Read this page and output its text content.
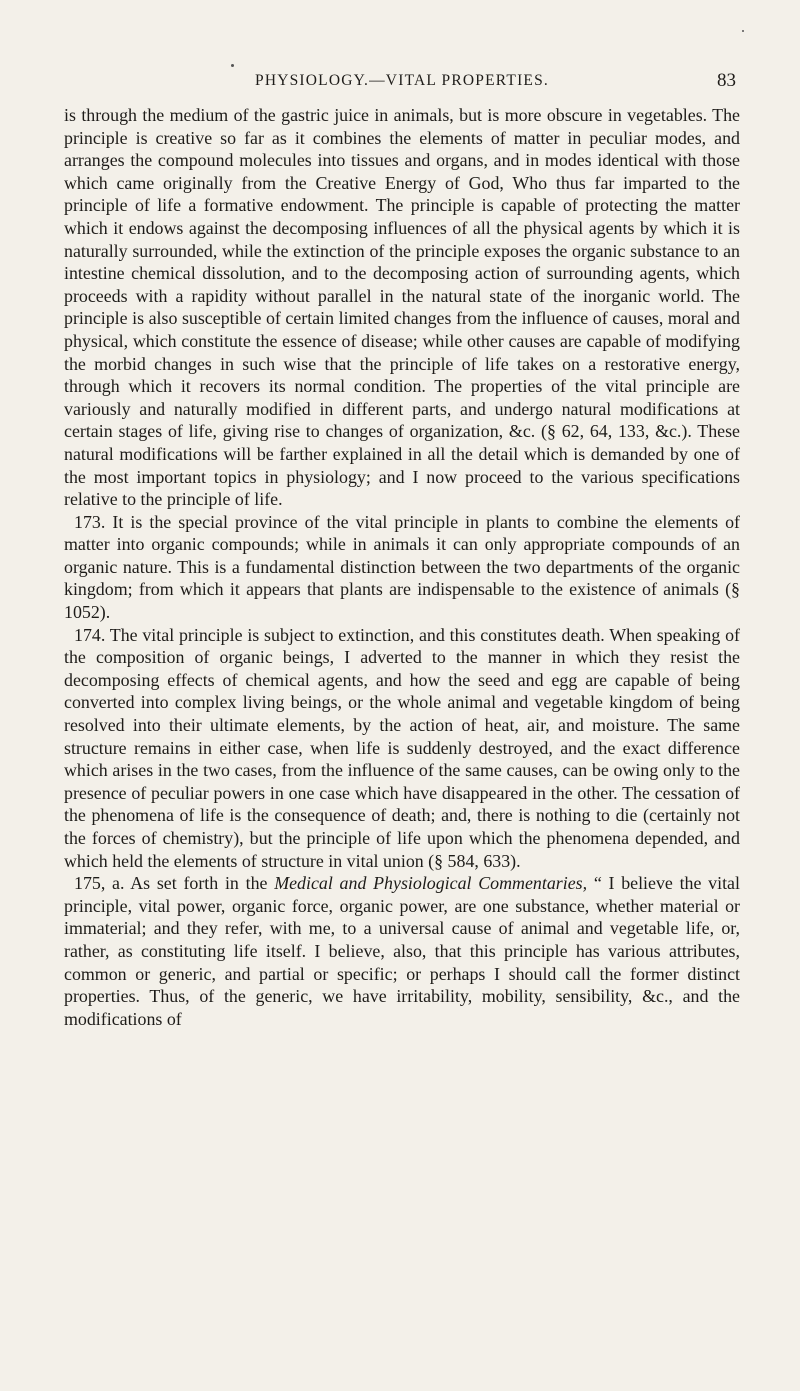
PHYSIOLOGY.—VITAL PROPERTIES.	83

is through the medium of the gastric juice in animals, but is more obscure in vegetables. The principle is creative so far as it combines the elements of matter in peculiar modes, and arranges the compound molecules into tissues and organs, and in modes identical with those which came originally from the Creative Energy of God, Who thus far imparted to the principle of life a formative endowment. The principle is capable of protecting the matter which it endows against the decomposing influences of all the physical agents by which it is naturally surrounded, while the extinction of the principle exposes the organic substance to an intestine chemical dissolution, and to the decomposing action of surrounding agents, which proceeds with a rapidity without parallel in the natural state of the inorganic world. The principle is also susceptible of certain limited changes from the influence of causes, moral and physical, which constitute the essence of disease; while other causes are capable of modifying the morbid changes in such wise that the principle of life takes on a restorative energy, through which it recovers its normal condition. The properties of the vital principle are variously and naturally modified in different parts, and undergo natural modifications at certain stages of life, giving rise to changes of organization, &c. (§ 62, 64, 133, &c.). These natural modifications will be farther explained in all the detail which is demanded by one of the most important topics in physiology; and I now proceed to the various specifications relative to the principle of life.

173. It is the special province of the vital principle in plants to combine the elements of matter into organic compounds; while in animals it can only appropriate compounds of an organic nature. This is a fundamental distinction between the two departments of the organic kingdom; from which it appears that plants are indispensable to the existence of animals (§ 1052).

174. The vital principle is subject to extinction, and this constitutes death. When speaking of the composition of organic beings, I adverted to the manner in which they resist the decomposing effects of chemical agents, and how the seed and egg are capable of being converted into complex living beings, or the whole animal and vegetable kingdom of being resolved into their ultimate elements, by the action of heat, air, and moisture. The same structure remains in either case, when life is suddenly destroyed, and the exact difference which arises in the two cases, from the influence of the same causes, can be owing only to the presence of peculiar powers in one case which have disappeared in the other. The cessation of the phenomena of life is the consequence of death; and, there is nothing to die (certainly not the forces of chemistry), but the principle of life upon which the phenomena depended, and which held the elements of structure in vital union (§ 584, 633).

175, a. As set forth in the Medical and Physiological Commentaries, “ I believe the vital principle, vital power, organic force, organic power, are one substance, whether material or immaterial; and they refer, with me, to a universal cause of animal and vegetable life, or, rather, as constituting life itself. I believe, also, that this principle has various attributes, common or generic, and partial or specific; or perhaps I should call the former distinct properties. Thus, of the generic, we have irritability, mobility, sensibility, &c., and the modifications of
